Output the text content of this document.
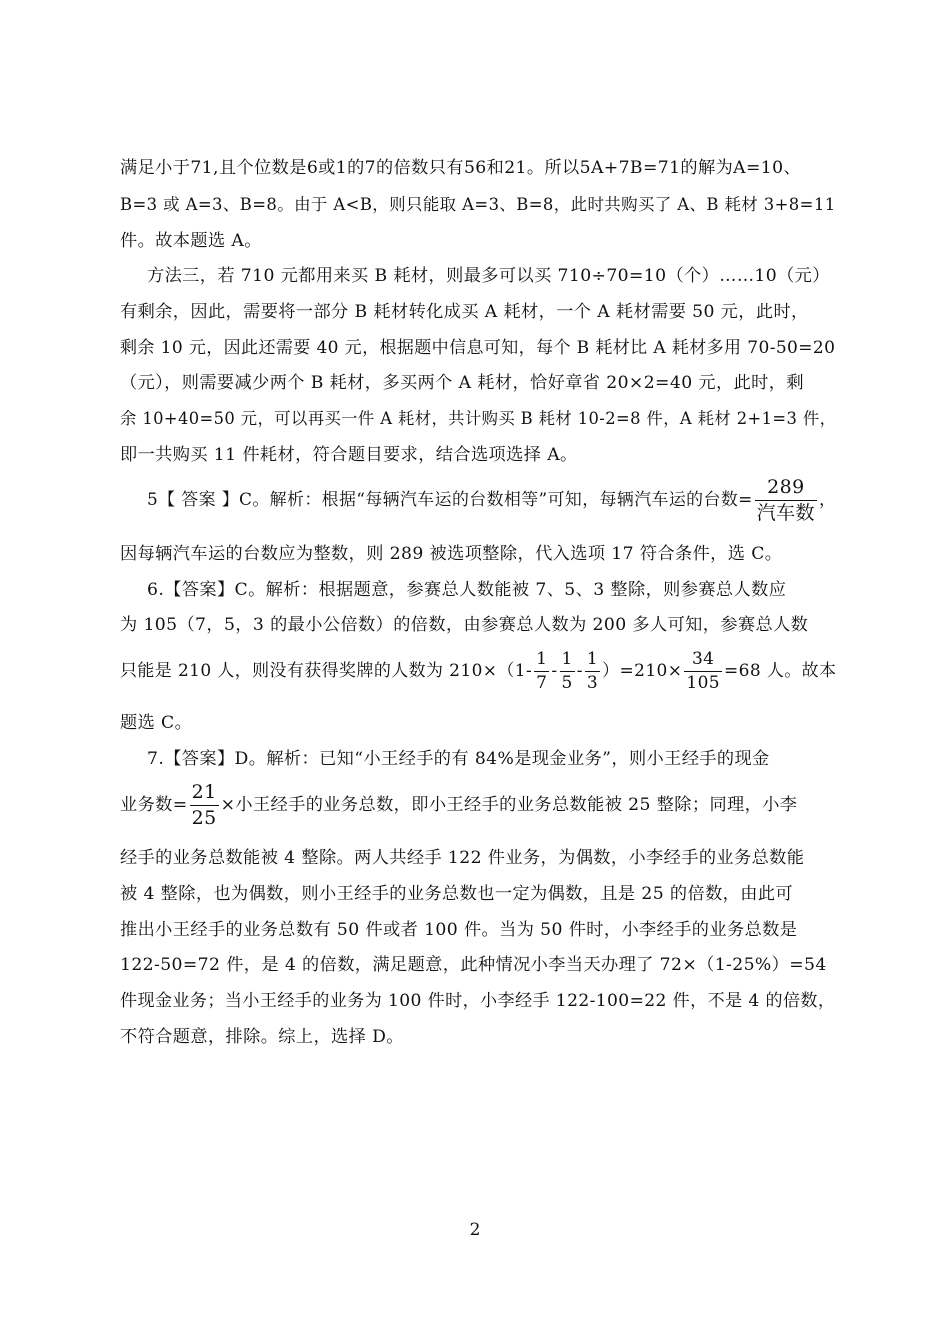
满足小于71,且个位数是6或1的7的倍数只有56和21。所以5A+7B=71的解为A=10、
B=3 或 A=3、B=8。由于 A<B，则只能取 A=3、B=8，此时共购买了 A、B 耗材 3+8=11
件。故本题选 A。
方法三，若 710 元都用来买 B 耗材，则最多可以买 710÷70=10（个）……10（元）
有剩余，因此，需要将一部分 B 耗材转化成买 A 耗材，一个 A 耗材需要 50 元，此时，
剩余 10 元，因此还需要 40 元，根据题中信息可知，每个 B 耗材比 A 耗材多用 70-50=20
（元），则需要减少两个 B 耗材，多买两个 A 耗材，恰好章省 20×2=40 元，此时，剩
余 10+40=50 元，可以再买一件 A 耗材，共计购买 B 耗材 10-2=8 件，A 耗材 2+1=3 件，
即一共购买 11 件耗材，符合题目要求，结合选项选择 A。
5【 答案 】C。解析：根据“每辆汽车运的台数相等”可知，每辆汽车运的台数= $\frac{289}{\text{汽车数}}$ ，
因每辆汽车运的台数应为整数，则 289 被选项整除，代入选项 17 符合条件，选 C。
6.【答案】C。解析：根据题意，参赛总人数能被 7、5、3 整除，则参赛总人数应
为 105（7，5，3 的最小公倍数）的倍数，由参赛总人数为 200 多人可知，参赛总人数
只能是 210 人，则没有获得奖牌的人数为 $210\times(1- \frac{1}{7} - \frac{1}{5} - \frac{1}{3} )=210\times \frac{34}{105} =68$ 人。故本
题选 C。
7.【答案】D。解析：已知“小王经手的有 84%是现金业务”，则小王经手的现金
业务数= $\frac{21}{25}$ ×小王经手的业务总数，即小王经手的业务总数能被 25 整除；同理，小李
经手的业务总数能被 4 整除。两人共经手 122 件业务，为偶数，小李经手的业务总数能
被 4 整除，也为偶数，则小王经手的业务总数也一定为偶数，且是 25 的倍数，由此可
推出小王经手的业务总数有 50 件或者 100 件。当为 50 件时，小李经手的业务总数是
122-50=72 件，是 4 的倍数，满足题意，此种情况小李当天办理了 72×（1-25%）=54
件现金业务；当小王经手的业务为 100 件时，小李经手 122-100=22 件，不是 4 的倍数，
不符合题意，排除。综上，选择 D。
2
